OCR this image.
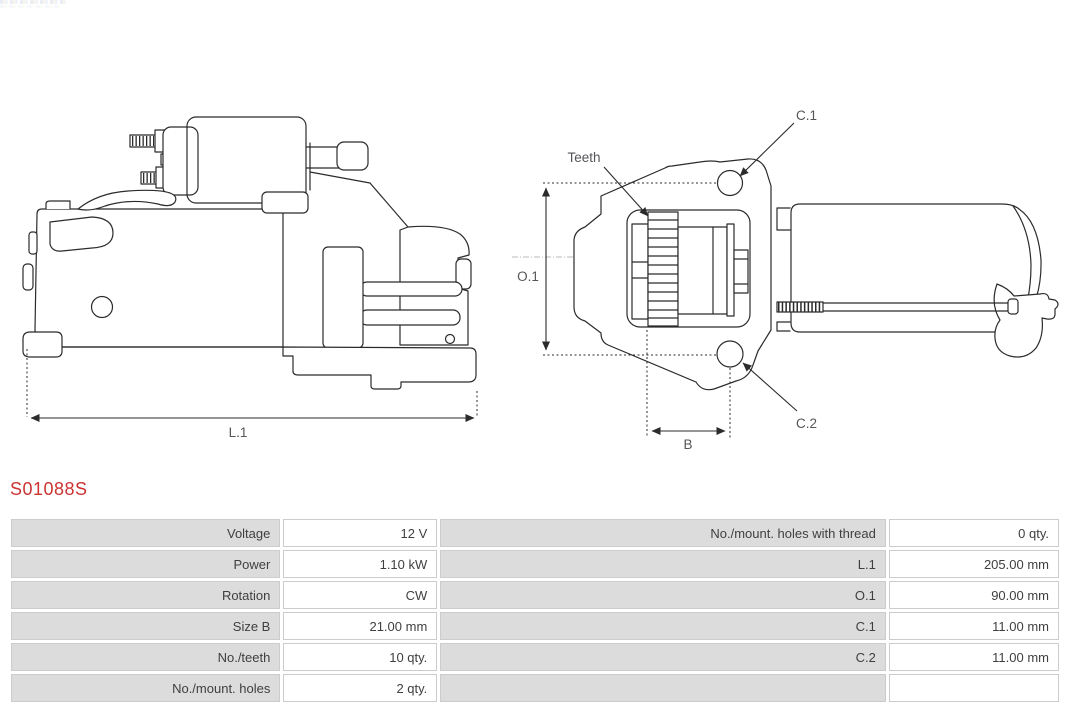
L.1
O.1
B
Teeth
C.1
C.2
S01088S
Voltage	12 V	No./mount. holes with thread	0 qty.
Power	1.10 kW	L.1	205.00 mm
Rotation	CW	O.1	90.00 mm
Size B	21.00 mm	C.1	11.00 mm
No./teeth	10 qty.	C.2	11.00 mm
No./mount. holes	2 qty.		
